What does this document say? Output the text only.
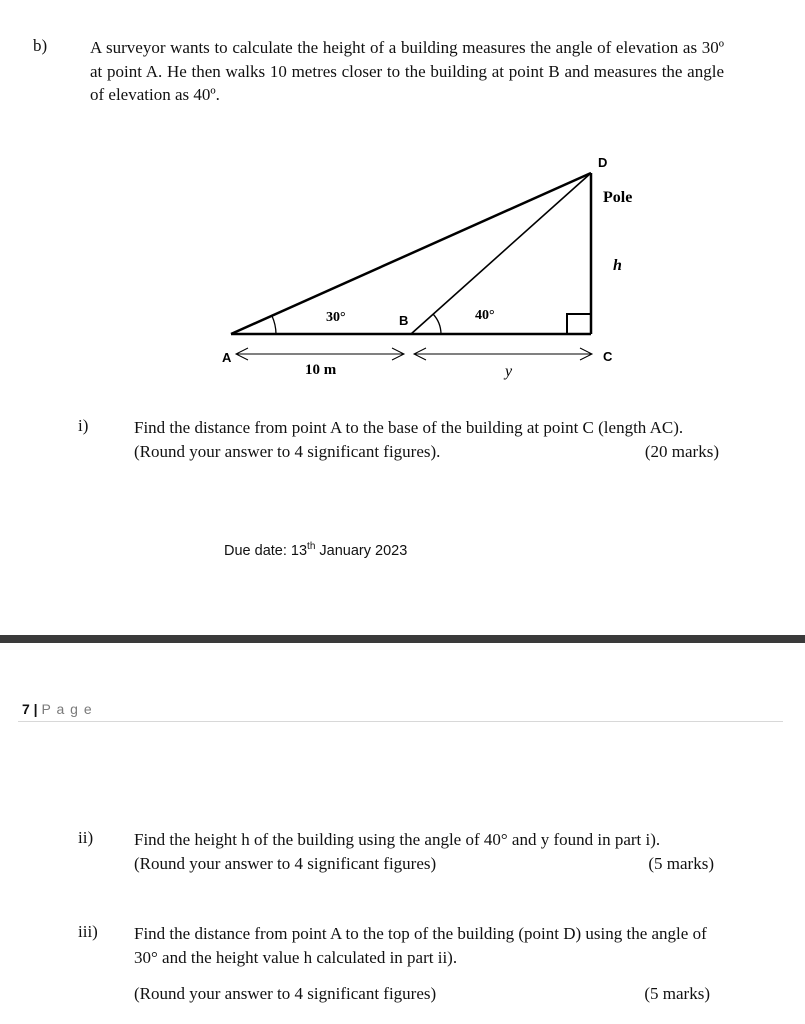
b)	A surveyor wants to calculate the height of a building measures the angle of elevation as 30º at point A. He then walks 10 metres closer to the building at point B and measures the angle of elevation as 40º.
D
A
B
C
Pole
h
30°	40°
10 m	y
i)	Find the distance from point A to the base of the building at point C (length AC).
(Round your answer to 4 significant figures).	(20 marks)
Due date: 13th January 2023
7 | P a g e
ii) Find the height h of the building using the angle of 40° and y found in part i).
(Round your answer to 4 significant figures)	(5 marks)
iii) Find the distance from point A to the top of the building (point D) using the angle of 30° and the height value h calculated in part ii).
(Round your answer to 4 significant figures)	(5 marks)
